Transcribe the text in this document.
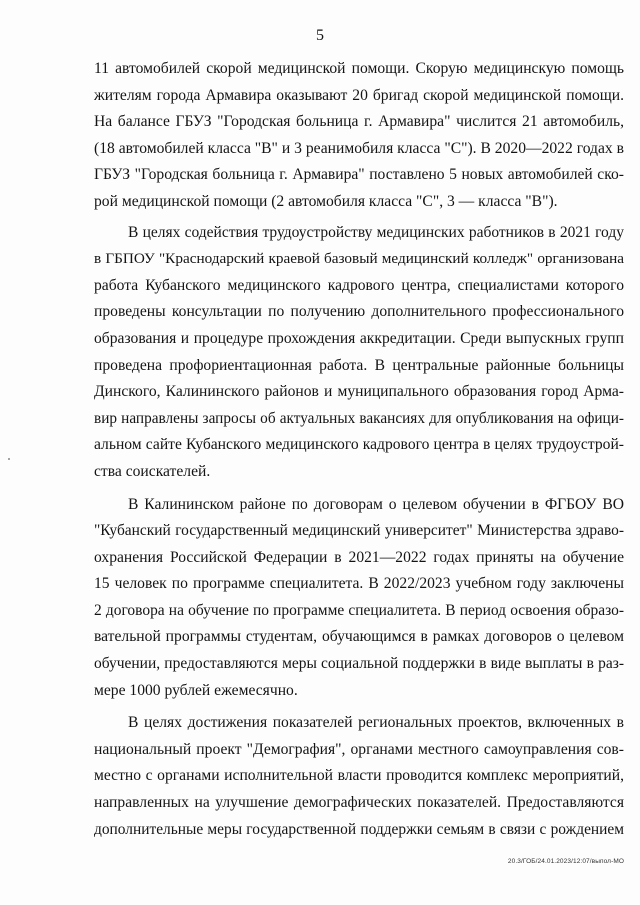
5
11 автомобилей скорой медицинской помощи. Скорую медицинскую помощь
жителям города Армавира оказывают 20 бригад скорой медицинской помощи.
На балансе ГБУЗ "Городская больница г. Армавира" числится 21 автомобиль,
(18 автомобилей класса "В" и 3 реанимобиля класса "С"). В 2020—2022 годах в
ГБУЗ "Городская больница г. Армавира" поставлено 5 новых автомобилей ско-
рой медицинской помощи (2 автомобиля класса "С", 3 — класса "В").
В целях содействия трудоустройству медицинских работников в 2021 году
в ГБПОУ "Краснодарский краевой базовый медицинский колледж" организована
работа Кубанского медицинского кадрового центра, специалистами которого
проведены консультации по получению дополнительного профессионального
образования и процедуре прохождения аккредитации. Среди выпускных групп
проведена профориентационная работа. В центральные районные больницы
Динского, Калининского районов и муниципального образования город Арма-
вир направлены запросы об актуальных вакансиях для опубликования на офици-
альном сайте Кубанского медицинского кадрового центра в целях трудоустрой-
ства соискателей.
В Калининском районе по договорам о целевом обучении в ФГБОУ ВО
"Кубанский государственный медицинский университет" Министерства здраво-
охранения Российской Федерации в 2021—2022 годах приняты на обучение
15 человек по программе специалитета. В 2022/2023 учебном году заключены
2 договора на обучение по программе специалитета. В период освоения образо-
вательной программы студентам, обучающимся в рамках договоров о целевом
обучении, предоставляются меры социальной поддержки в виде выплаты в раз-
мере 1000 рублей ежемесячно.
В целях достижения показателей региональных проектов, включенных в
национальный проект "Демография", органами местного самоуправления сов-
местно с органами исполнительной власти проводится комплекс мероприятий,
направленных на улучшение демографических показателей. Предоставляются
дополнительные меры государственной поддержки семьям в связи с рождением
20.3/ГОБ/24.01.2023/12:07/выпол-МО
